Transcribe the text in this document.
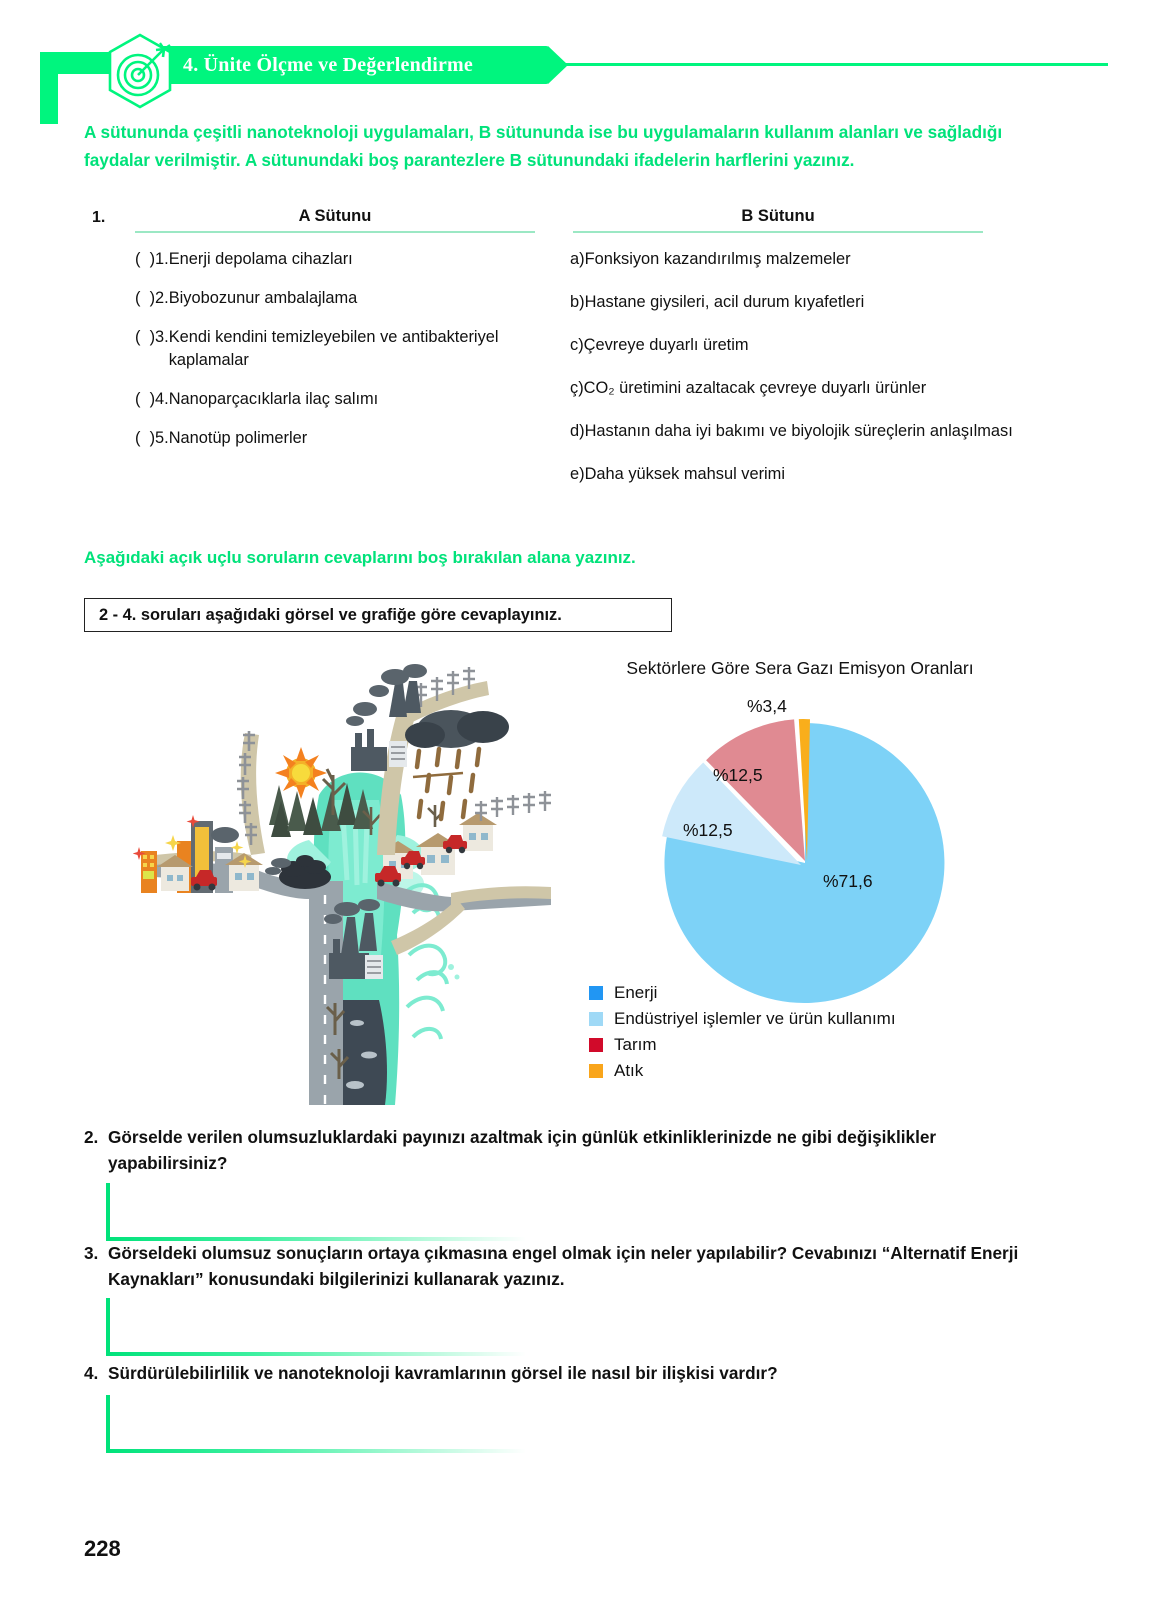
4. Ünite Ölçme ve Değerlendirme
A sütununda çeşitli nanoteknoloji uygulamaları, B sütununda ise bu uygulamaların kullanım alanları ve sağladığı faydalar verilmiştir. A sütunundaki boş parantezlere B sütunundaki ifadelerin harflerini yazınız.
1.	A Sütunu	B Sütunu
(  ) 1. Enerji depolama cihazları
(  ) 2. Biyobozunur ambalajlama
(  ) 3. Kendi kendini temizleyebilen ve antibakteriyel kaplamalar
(  ) 4. Nanoparçacıklarla ilaç salımı
(  ) 5. Nanotüp polimerler
a) Fonksiyon kazandırılmış malzemeler
b) Hastane giysileri, acil durum kıyafetleri
c) Çevreye duyarlı üretim
ç) CO₂ üretimini azaltacak çevreye duyarlı ürünler
d) Hastanın daha iyi bakımı ve biyolojik süreçlerin anlaşılması
e) Daha yüksek mahsul verimi
Aşağıdaki açık uçlu soruların cevaplarını boş bırakılan alana yazınız.
2 - 4. soruları aşağıdaki görsel ve grafiğe göre cevaplayınız.
Sektörlere Göre Sera Gazı Emisyon Oranları
%71,6
%12,5
%12,5
%3,4
Enerji
Endüstriyel işlemler ve ürün kullanımı
Tarım
Atık
2. Görselde verilen olumsuzluklardaki payınızı azaltmak için günlük etkinliklerinizde ne gibi değişiklikler yapabilirsiniz?
3. Görseldeki olumsuz sonuçların ortaya çıkmasına engel olmak için neler yapılabilir? Cevabınızı “Alternatif Enerji Kaynakları” konusundaki bilgilerinizi kullanarak yazınız.
4. Sürdürülebilirlilik ve nanoteknoloji kavramlarının görsel ile nasıl bir ilişkisi vardır?
228
